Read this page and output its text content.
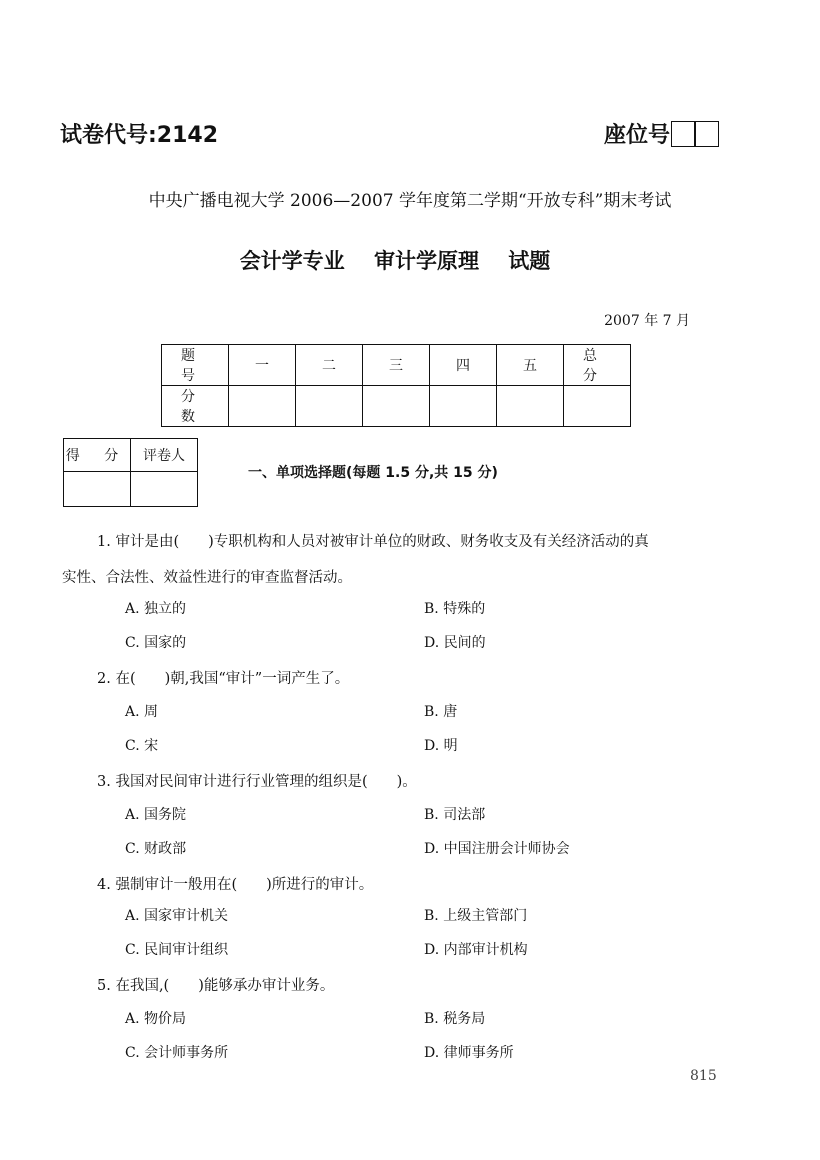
试卷代号:2142	座位号
中央广播电视大学 2006—2007 学年度第二学期“开放专科”期末考试
会计学专业 审计学原理 试题
2007 年 7 月
题 号	一	二	三	四	五	总 分
分 数						
得 分	评卷人

一、单项选择题(每题 1.5 分,共 15 分)
1. 审计是由(　　)专职机构和人员对被审计单位的财政、财务收支及有关经济活动的真
实性、合法性、效益性进行的审查监督活动。
A. 独立的	B. 特殊的
C. 国家的	D. 民间的
2. 在(　　)朝,我国“审计”一词产生了。
A. 周	B. 唐
C. 宋	D. 明
3. 我国对民间审计进行行业管理的组织是(　　)。
A. 国务院	B. 司法部
C. 财政部	D. 中国注册会计师协会
4. 强制审计一般用在(　　)所进行的审计。
A. 国家审计机关	B. 上级主管部门
C. 民间审计组织	D. 内部审计机构
5. 在我国,(　　)能够承办审计业务。
A. 物价局	B. 税务局
C. 会计师事务所	D. 律师事务所
815
